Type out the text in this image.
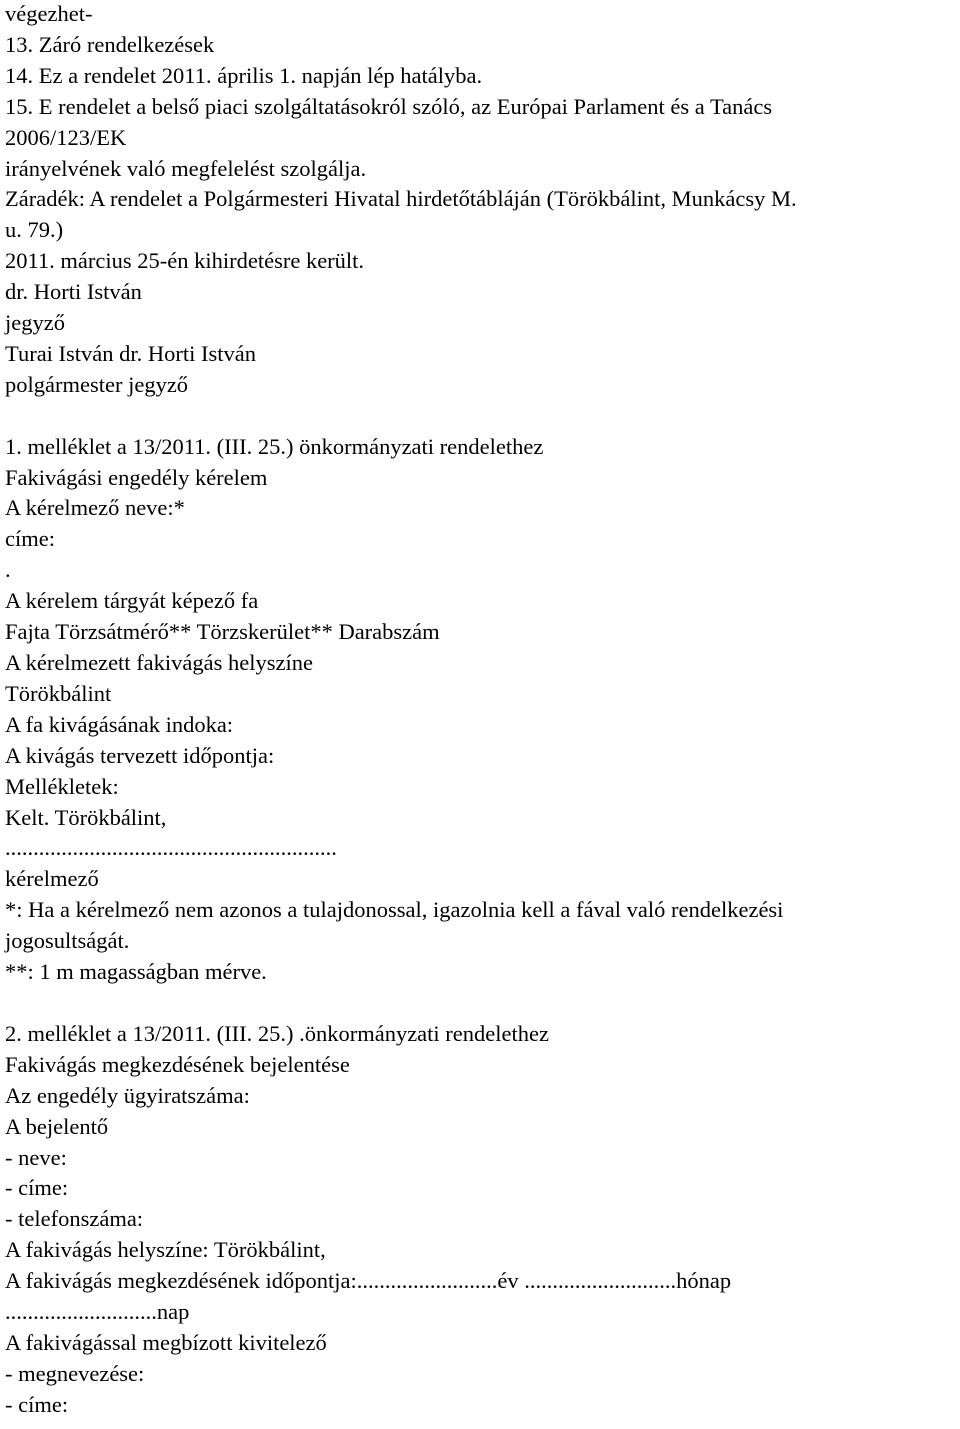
végezhet-

13. Záró rendelkezések

14. Ez a rendelet 2011. április 1. napján lép hatályba.

15. E rendelet a belső piaci szolgáltatásokról szóló, az Európai Parlament és a Tanács

2006/123/EK

irányelvének való megfelelést szolgálja.

Záradék: A rendelet a Polgármesteri Hivatal hirdetőtábláján (Törökbálint, Munkácsy M.

u. 79.)

2011. március 25-én kihirdetésre került.

dr. Horti István

jegyző

Turai István dr. Horti István

polgármester jegyző

1. melléklet a 13/2011. (III. 25.) önkormányzati rendelethez

Fakivágási engedély kérelem

A kérelmező neve:*

címe:

.

A kérelem tárgyát képező fa

Fajta Törzsátmérő** Törzskerület** Darabszám

A kérelmezett fakivágás helyszíne

Törökbálint

A fa kivágásának indoka:

A kivágás tervezett időpontja:

Mellékletek:

Kelt. Törökbálint,

...........................................................

kérelmező

*: Ha a kérelmező nem azonos a tulajdonossal, igazolnia kell a fával való rendelkezési

jogosultságát.

**: 1 m magasságban mérve.

2. melléklet a 13/2011. (III. 25.) .önkormányzati rendelethez

Fakivágás megkezdésének bejelentése

Az engedély ügyiratszáma:

A bejelentő

- neve:

- címe:

- telefonszáma:

A fakivágás helyszíne: Törökbálint,

A fakivágás megkezdésének időpontja:.........................év ...........................hónap

...........................nap

A fakivágással megbízott kivitelező

- megnevezése:

- címe:
